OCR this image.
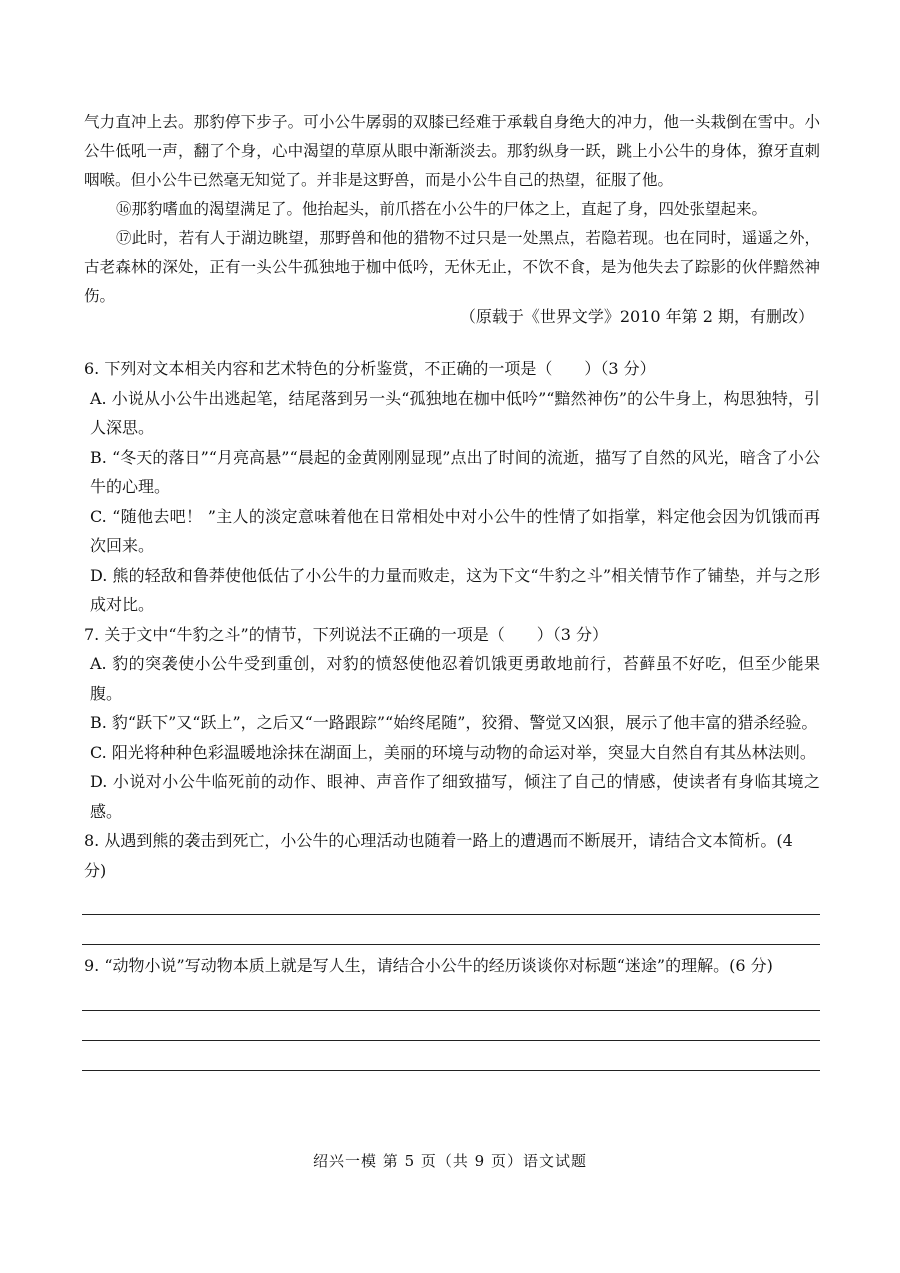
气力直冲上去。那豹停下步子。可小公牛孱弱的双膝已经难于承载自身绝大的冲力，他一头栽倒在雪中。小公牛低吼一声，翻了个身，心中渴望的草原从眼中渐渐淡去。那豹纵身一跃，跳上小公牛的身体，獠牙直刺咽喉。但小公牛已然毫无知觉了。并非是这野兽，而是小公牛自己的热望，征服了他。

⑯那豹嗜血的渴望满足了。他抬起头，前爪搭在小公牛的尸体之上，直起了身，四处张望起来。

⑰此时，若有人于湖边眺望，那野兽和他的猎物不过只是一处黑点，若隐若现。也在同时，遥遥之外，古老森林的深处，正有一头公牛孤独地于枷中低吟，无休无止，不饮不食，是为他失去了踪影的伙伴黯然神伤。

（原载于《世界文学》2010 年第 2 期，有删改）

6. 下列对文本相关内容和艺术特色的分析鉴赏，不正确的一项是（　　）（3 分）

A. 小说从小公牛出逃起笔，结尾落到另一头“孤独地在枷中低吟”“黯然神伤”的公牛身上，构思独特，引人深思。

B. “冬天的落日”“月亮高悬”“晨起的金黄刚刚显现”点出了时间的流逝，描写了自然的风光，暗含了小公牛的心理。

C. “随他去吧！ ”主人的淡定意味着他在日常相处中对小公牛的性情了如指掌，料定他会因为饥饿而再次回来。

D. 熊的轻敌和鲁莽使他低估了小公牛的力量而败走，这为下文“牛豹之斗”相关情节作了铺垫，并与之形成对比。

7. 关于文中“牛豹之斗”的情节，下列说法不正确的一项是（　　）（3 分）

A. 豹的突袭使小公牛受到重创，对豹的愤怒使他忍着饥饿更勇敢地前行，苔藓虽不好吃，但至少能果腹。

B. 豹“跃下”又“跃上”，之后又“一路跟踪”“始终尾随”，狡猾、警觉又凶狠，展示了他丰富的猎杀经验。

C. 阳光将种种色彩温暖地涂抹在湖面上，美丽的环境与动物的命运对举，突显大自然自有其丛林法则。

D. 小说对小公牛临死前的动作、眼神、声音作了细致描写，倾注了自己的情感，使读者有身临其境之感。

8. 从遇到熊的袭击到死亡，小公牛的心理活动也随着一路上的遭遇而不断展开，请结合文本简析。(4 分)

9. “动物小说”写动物本质上就是写人生，请结合小公牛的经历谈谈你对标题“迷途”的理解。(6 分)

绍兴一模 第 5 页（共 9 页）语文试题
